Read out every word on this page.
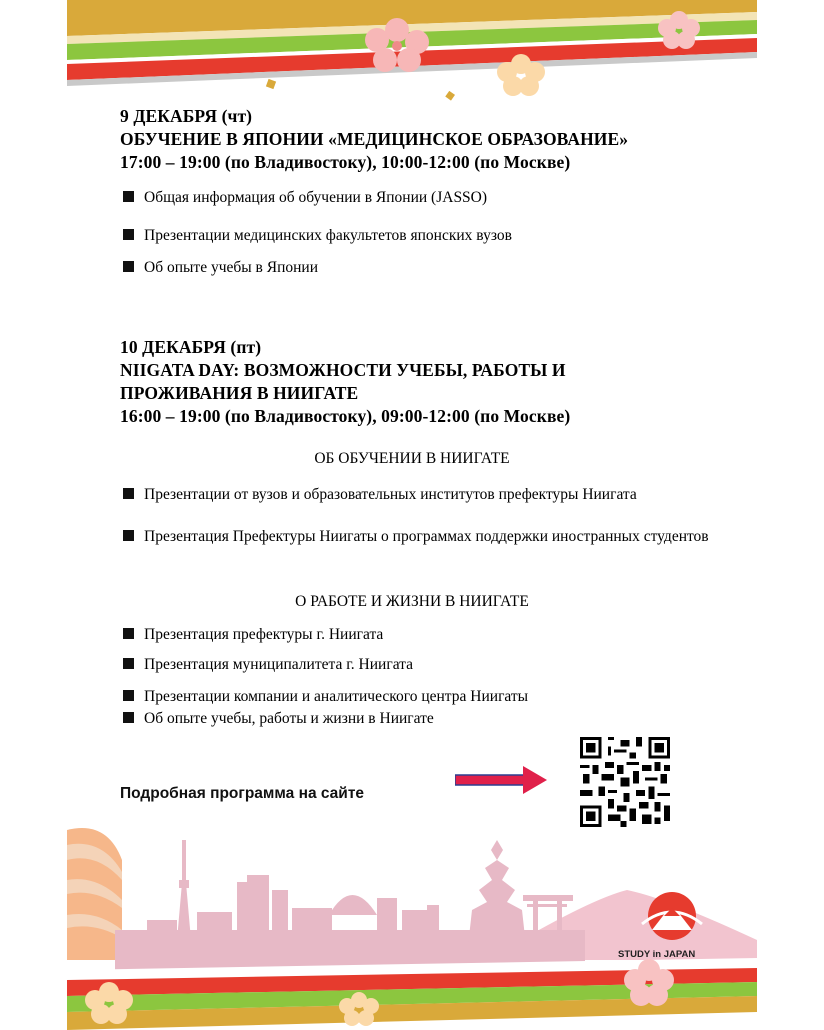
9 ДЕКАБРЯ (чт)

ОБУЧЕНИЕ В ЯПОНИИ «МЕДИЦИНСКОЕ ОБРАЗОВАНИЕ»

17:00 – 19:00 (по Владивостоку), 10:00-12:00 (по Москве)

Общая информация об обучении в Японии (JASSO)
Презентации медицинских факультетов японских вузов
Об опыте учебы в Японии

10 ДЕКАБРЯ (пт)

NIIGATA DAY: ВОЗМОЖНОСТИ УЧЕБЫ, РАБОТЫ И

ПРОЖИВАНИЯ В НИИГАТЕ

16:00 – 19:00 (по Владивостоку), 09:00-12:00 (по Москве)

ОБ ОБУЧЕНИИ В НИИГАТЕ

Презентации от вузов и образовательных институтов префектуры Ниигата
Презентация Префектуры Ниигаты о программах поддержки иностранных студентов

О РАБОТЕ И ЖИЗНИ В НИИГАТЕ

Презентация префектуры г. Ниигата
Презентация муниципалитета г. Ниигата
Презентации компании и аналитического центра Ниигаты
Об опыте учебы, работы и жизни в Ниигате

Подробная программа на сайте

STUDY in JAPAN
